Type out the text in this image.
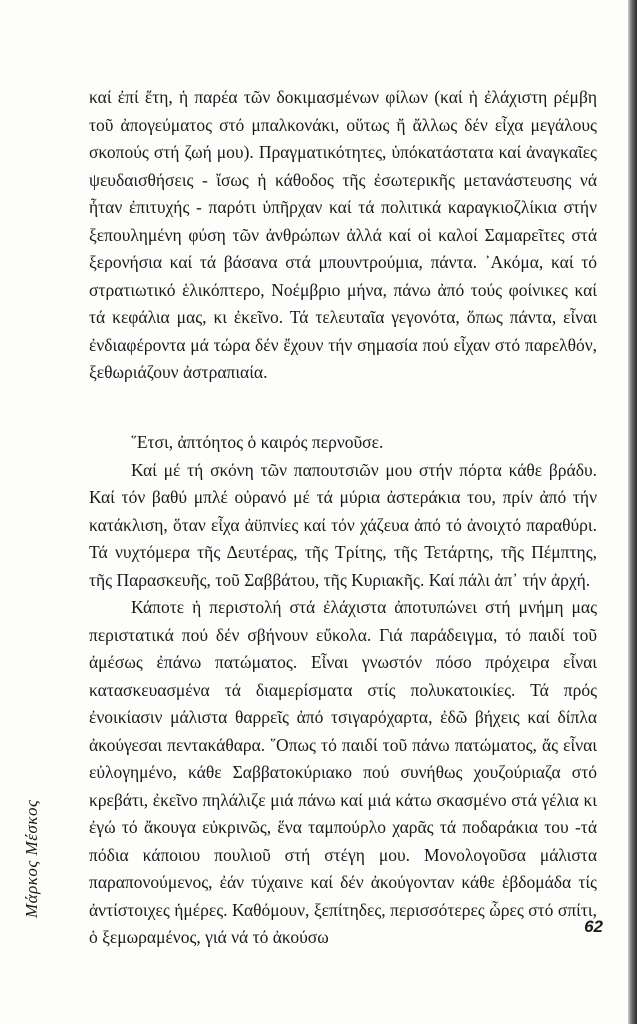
καί ἐπί ἔτη, ἡ παρέα τῶν δοκιμασμένων φίλων (καί ἡ ἐλάχιστη ρέμβη τοῦ ἀπογεύματος στό μπαλκονάκι, οὕτως ἤ ἄλλως δέν εἶχα μεγάλους σκοπούς στή ζωή μου). Πραγματικότητες, ὑπόκατάστατα καί ἀναγκαῖες ψευδαισθήσεις - ἴσως ἡ κάθοδος τῆς ἐσωτερικῆς μετανάστευσης νά ἦταν ἐπιτυχής - παρότι ὑπῆρχαν καί τά πολιτικά καραγκιοζλίκια στήν ξεπουλημένη φύση τῶν ἀνθρώπων ἀλλά καί οἱ καλοί Σαμαρεῖτες στά ξερονήσια καί τά βάσανα στά μπουντρούμια, πάντα. ᾿Ακόμα, καί τό στρατιωτικό ἑλικόπτερο, Νοέμβριο μήνα, πάνω ἀπό τούς φοίνικες καί τά κεφάλια μας, κι ἐκεῖνο. Τά τελευταῖα γεγονότα, ὅπως πάντα, εἶναι ἐνδιαφέροντα μά τώρα δέν ἔχουν τήν σημασία πού εἶχαν στό παρελθόν, ξεθωριάζουν ἀστραπιαία.

῞Ετσι, ἀπτόητος ὁ καιρός περνοῦσε.

Καί μέ τή σκόνη τῶν παπουτσιῶν μου στήν πόρτα κάθε βράδυ. Καί τόν βαθύ μπλέ οὐρανό μέ τά μύρια ἀστεράκια του, πρίν ἀπό τήν κατάκλιση, ὅταν εἶχα ἀϋπνίες καί τόν χάζευα ἀπό τό ἀνοιχτό παραθύρι. Τά νυχτόμερα τῆς Δευτέρας, τῆς Τρίτης, τῆς Τετάρτης, τῆς Πέμπτης, τῆς Παρασκευῆς, τοῦ Σαββάτου, τῆς Κυριακῆς. Καί πάλι ἀπ᾿ τήν ἀρχή.

Κάποτε ἡ περιστολή στά ἐλάχιστα ἀποτυπώνει στή μνήμη μας περιστατικά πού δέν σβήνουν εὔκολα. Γιά παράδειγμα, τό παιδί τοῦ ἀμέσως ἐπάνω πατώματος. Εἶναι γνωστόν πόσο πρόχειρα εἶναι κατασκευασμένα τά διαμερίσματα στίς πολυκατοικίες. Τά πρός ἐνοικίασιν μάλιστα θαρρεῖς ἀπό τσιγαρόχαρτα, ἐδῶ βήχεις καί δίπλα ἀκούγεσαι πεντακάθαρα. ῞Οπως τό παιδί τοῦ πάνω πατώματος, ἄς εἶναι εὐλογημένο, κάθε Σαββατοκύριακο πού συνήθως χουζούριαζα στό κρεβάτι, ἐκεῖνο πηλάλιζε μιά πάνω καί μιά κάτω σκασμένο στά γέλια κι ἐγώ τό ἄκουγα εὐκρινῶς, ἕνα ταμπούρλο χαρᾶς τά ποδαράκια του -τά πόδια κάποιου πουλιοῦ στή στέγη μου. Μονολογοῦσα μάλιστα παραπονούμενος, ἐάν τύχαινε καί δέν ἀκούγονταν κάθε ἑβδομάδα τίς ἀντίστοιχες ἡμέρες. Καθόμουν, ξεπίτηδες, περισσότερες ὧρες στό σπίτι, ὁ ξεμωραμένος, γιά νά τό ἀκούσω

Μάρκος Μέσκος
62
